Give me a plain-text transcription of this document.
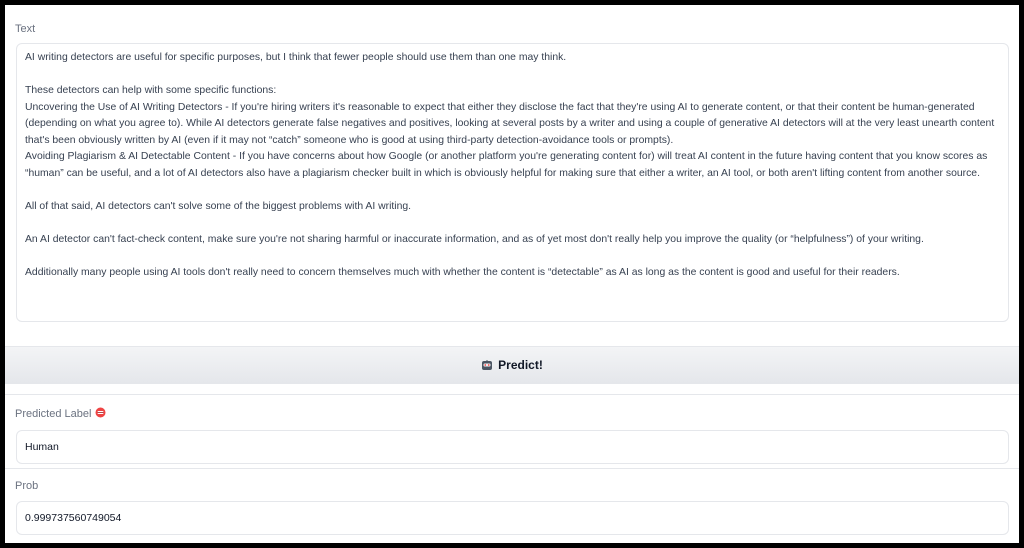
Text

AI writing detectors are useful for specific purposes, but I think that fewer people should use them than one may think.

These detectors can help with some specific functions:

Uncovering the Use of AI Writing Detectors - If you're hiring writers it's reasonable to expect that either they disclose the fact that they're using AI to generate content, or that their content be human-generated (depending on what you agree to). While AI detectors generate false negatives and positives, looking at several posts by a writer and using a couple of generative AI detectors will at the very least unearth content that's been obviously written by AI (even if it may not “catch” someone who is good at using third-party detection-avoidance tools or prompts).

Avoiding Plagiarism & AI Detectable Content - If you have concerns about how Google (or another platform you're generating content for) will treat AI content in the future having content that you know scores as “human” can be useful, and a lot of AI detectors also have a plagiarism checker built in which is obviously helpful for making sure that either a writer, an AI tool, or both aren't lifting content from another source.

All of that said, AI detectors can't solve some of the biggest problems with AI writing.

An AI detector can't fact-check content, make sure you're not sharing harmful or inaccurate information, and as of yet most don't really help you improve the quality (or “helpfulness”) of your writing.

Additionally many people using AI tools don't really need to concern themselves much with whether the content is “detectable” as AI as long as the content is good and useful for their readers.

Predict!
Predicted Label
Human
Prob
0.999737560749054
